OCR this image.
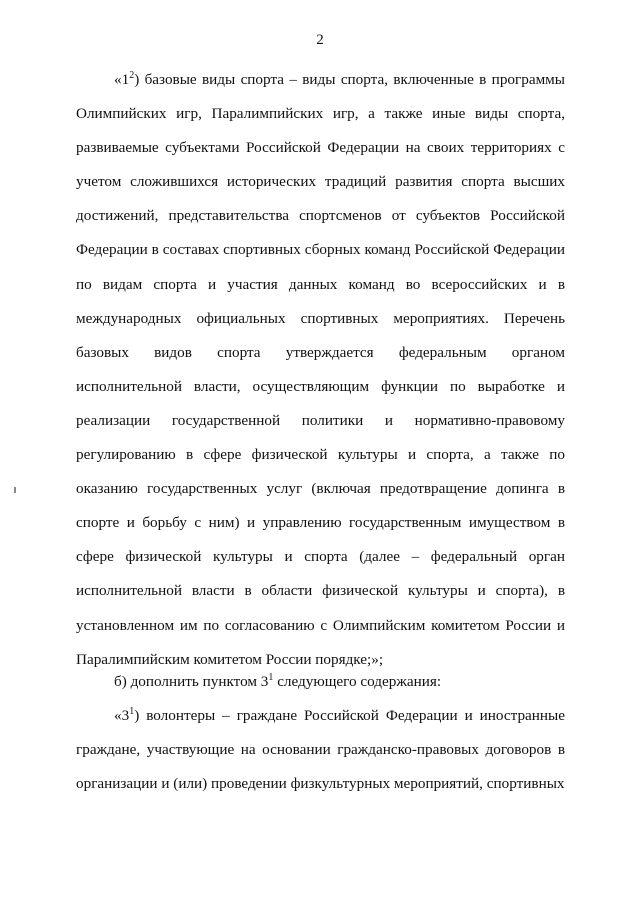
2

«$1^2$) базовые виды спорта – виды спорта, включенные в программы Олимпийских игр, Паралимпийских игр, а также иные виды спорта, развиваемые субъектами Российской Федерации на своих территориях с учетом сложившихся исторических традиций развития спорта высших достижений, представительства спортсменов от субъектов Российской Федерации в составах спортивных сборных команд Российской Федерации по видам спорта и участия данных команд во всероссийских и в международных официальных спортивных мероприятиях. Перечень базовых видов спорта утверждается федеральным органом исполнительной власти, осуществляющим функции по выработке и реализации государственной политики и нормативно-правовому регулированию в сфере физической культуры и спорта, а также по оказанию государственных услуг (включая предотвращение допинга в спорте и борьбу с ним) и управлению государственным имуществом в сфере физической культуры и спорта (далее – федеральный орган исполнительной власти в области физической культуры и спорта), в установленном им по согласованию с Олимпийским комитетом России и Паралимпийским комитетом России порядке;»;

б) дополнить пунктом $3^1$ следующего содержания:

«$3^1$) волонтеры – граждане Российской Федерации и иностранные граждане, участвующие на основании гражданско-правовых договоров в организации и (или) проведении физкультурных мероприятий, спортивных
